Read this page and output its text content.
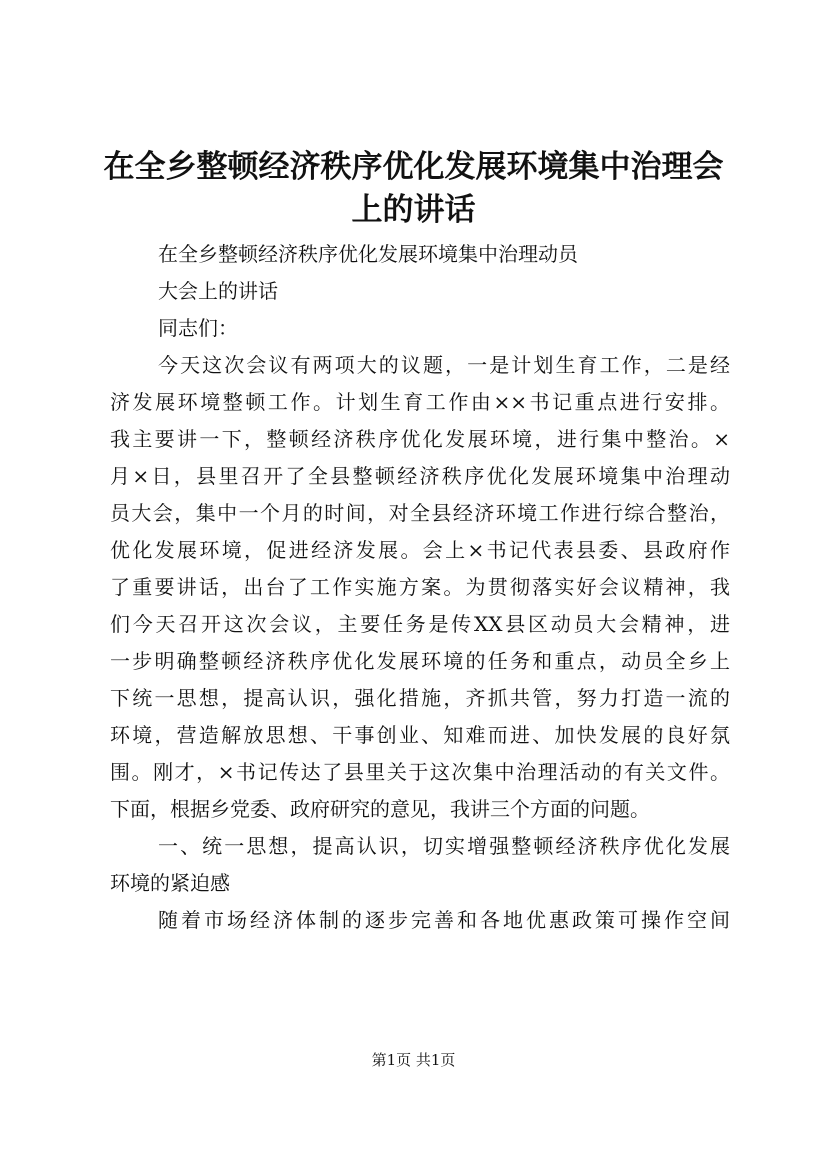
在全乡整顿经济秩序优化发展环境集中治理会
上的讲话

在全乡整顿经济秩序优化发展环境集中治理动员

大会上的讲话

同志们：

今天这次会议有两项大的议题，一是计划生育工作，二是经

济发展环境整顿工作。计划生育工作由××书记重点进行安排。

我主要讲一下，整顿经济秩序优化发展环境，进行集中整治。×

月×日，县里召开了全县整顿经济秩序优化发展环境集中治理动

员大会，集中一个月的时间，对全县经济环境工作进行综合整治，

优化发展环境，促进经济发展。会上×书记代表县委、县政府作

了重要讲话，出台了工作实施方案。为贯彻落实好会议精神，我

们今天召开这次会议，主要任务是传XX县区动员大会精神，进

一步明确整顿经济秩序优化发展环境的任务和重点，动员全乡上

下统一思想，提高认识，强化措施，齐抓共管，努力打造一流的

环境，营造解放思想、干事创业、知难而进、加快发展的良好氛

围。刚才，×书记传达了县里关于这次集中治理活动的有关文件。

下面，根据乡党委、政府研究的意见，我讲三个方面的问题。

一、统一思想，提高认识，切实增强整顿经济秩序优化发展

环境的紧迫感

随着市场经济体制的逐步完善和各地优惠政策可操作空间

第1页 共1页
